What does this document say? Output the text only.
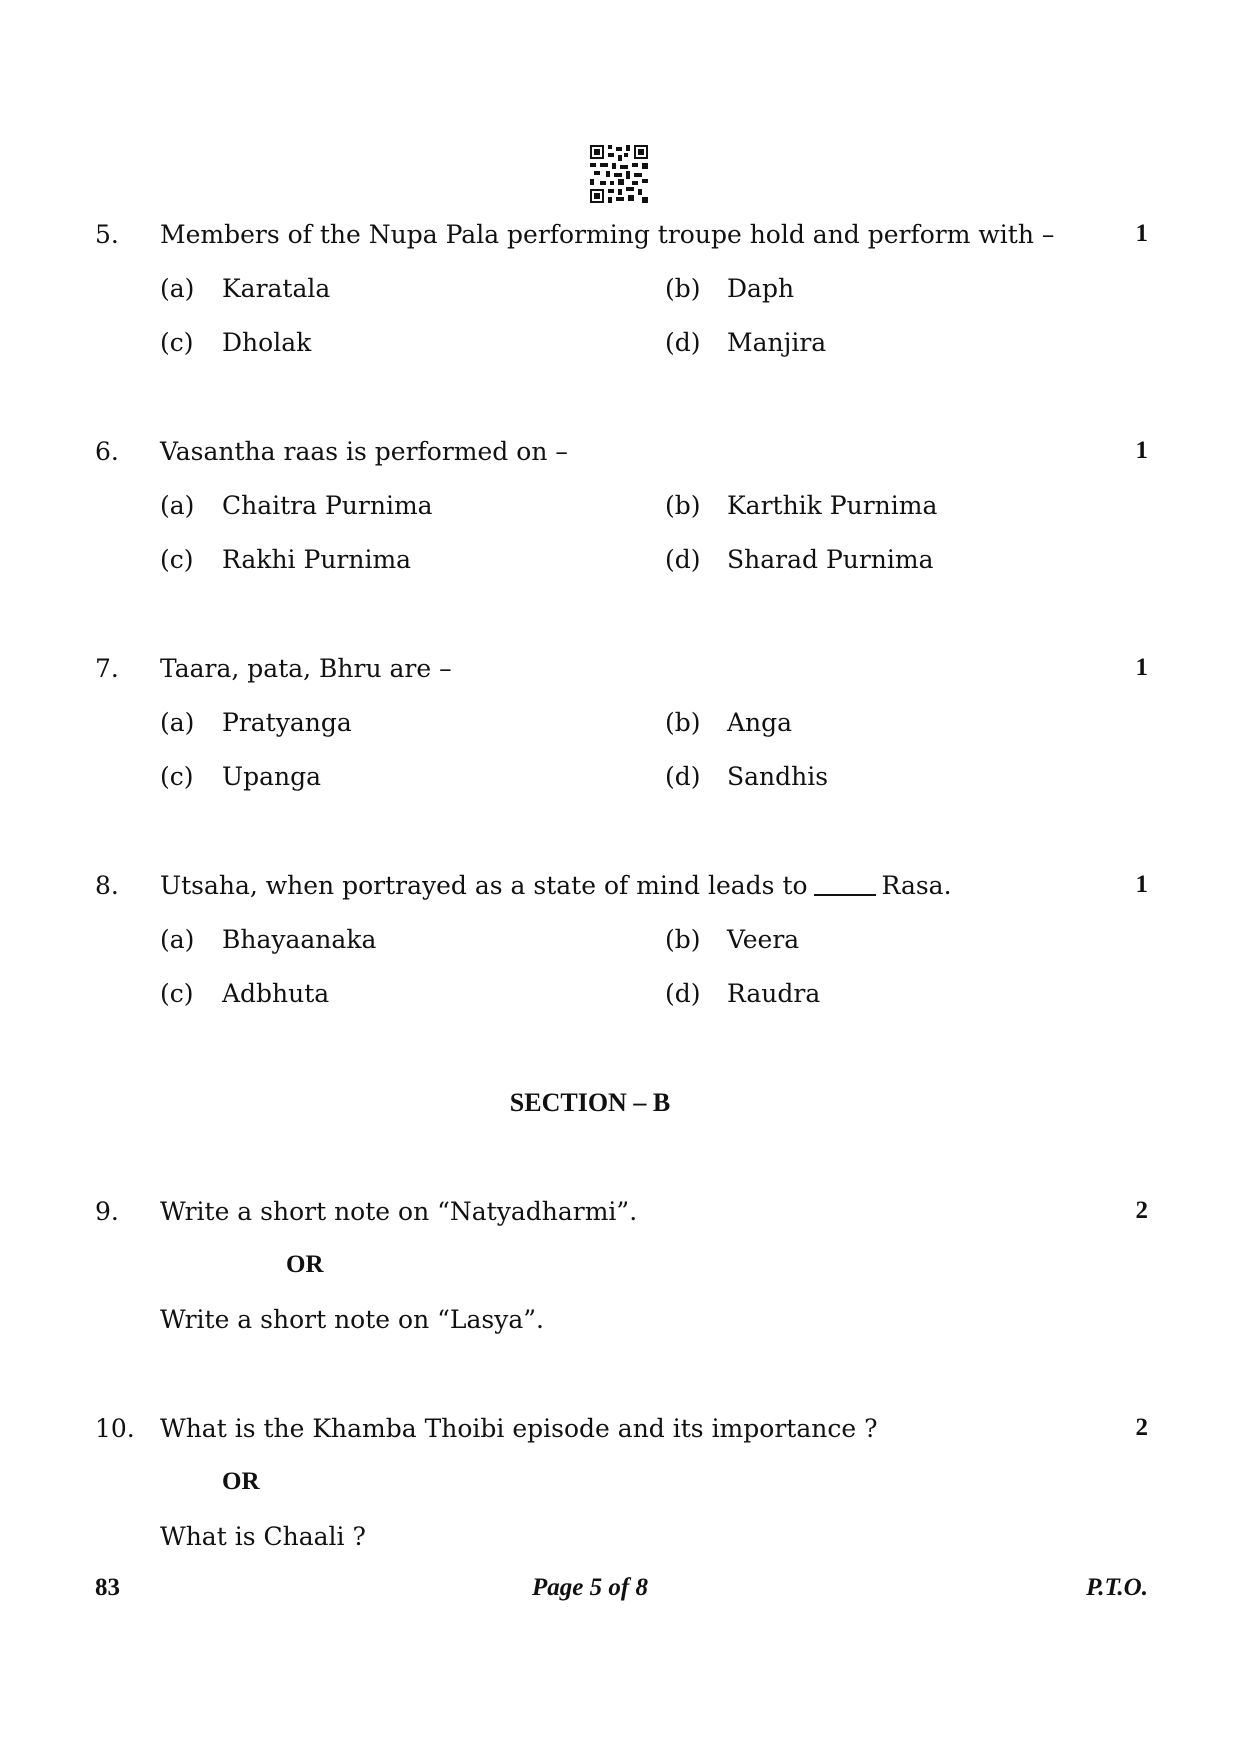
5. Members of the Nupa Pala performing troupe hold and perform with –	1
(a) Karatala	(b) Daph
(c) Dholak	(d) Manjira
6. Vasantha raas is performed on –	1
(a) Chaitra Purnima	(b) Karthik Purnima
(c) Rakhi Purnima	(d) Sharad Purnima
7. Taara, pata, Bhru are –	1
(a) Pratyanga	(b) Anga
(c) Upanga	(d) Sandhis
8. Utsaha, when portrayed as a state of mind leads to	Rasa.	1
(a) Bhayaanaka	(b) Veera
(c) Adbhuta	(d) Raudra
SECTION – B
9. Write a short note on “Natyadharmi”.	2
OR
Write a short note on “Lasya”.
10. What is the Khamba Thoibi episode and its importance ?	2
OR
What is Chaali ?
83	Page 5 of 8	P.T.O.
